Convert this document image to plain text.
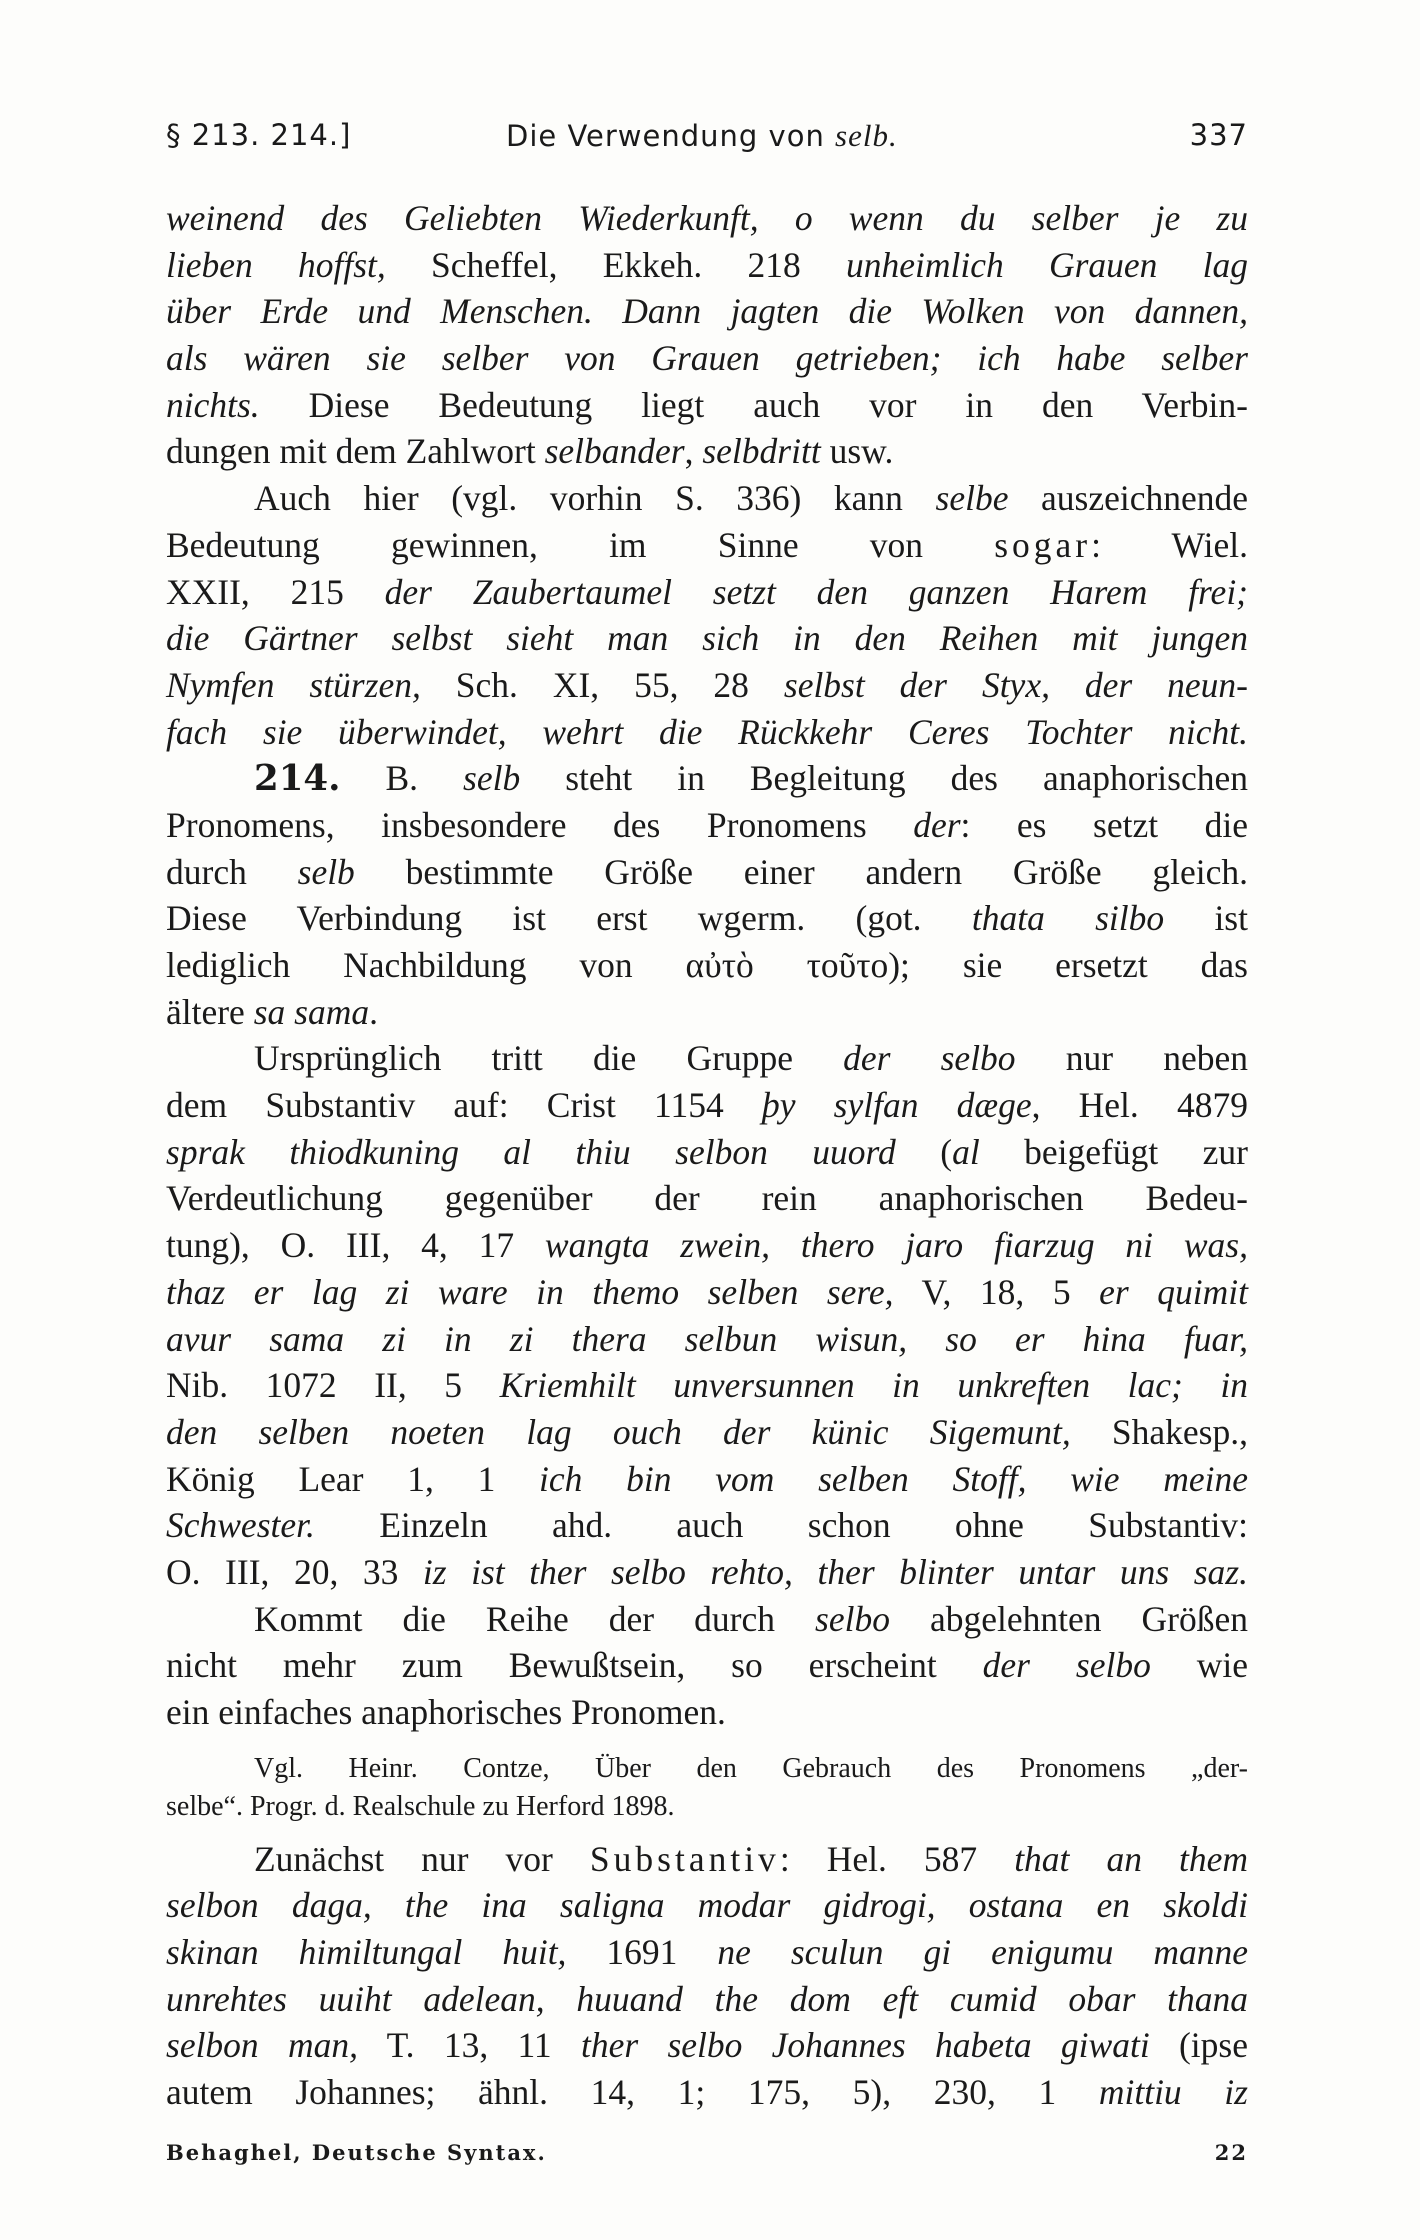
§ 213. 214.]	Die Verwendung von selb.	337
weinend des Geliebten Wiederkunft, o wenn du selber je zu
lieben hoffst, Scheffel, Ekkeh. 218 unheimlich Grauen lag
über Erde und Menschen. Dann jagten die Wolken von dannen,
als wären sie selber von Grauen getrieben; ich habe selber
nichts. Diese Bedeutung liegt auch vor in den Verbin-
dungen mit dem Zahlwort selbander, selbdritt usw.
Auch hier (vgl. vorhin S. 336) kann selbe auszeichnende
Bedeutung gewinnen, im Sinne von sogar: Wiel.
XXII, 215 der Zaubertaumel setzt den ganzen Harem frei;
die Gärtner selbst sieht man sich in den Reihen mit jungen
Nymfen stürzen, Sch. XI, 55, 28 selbst der Styx, der neun-
fach sie überwindet, wehrt die Rückkehr Ceres Tochter nicht.
214. B. selb steht in Begleitung des anaphorischen
Pronomens, insbesondere des Pronomens der: es setzt die
durch selb bestimmte Größe einer andern Größe gleich.
Diese Verbindung ist erst wgerm. (got. thata silbo ist
lediglich Nachbildung von αὐτὸ τοῦτο); sie ersetzt das
ältere sa sama.
Ursprünglich tritt die Gruppe der selbo nur neben
dem Substantiv auf: Crist 1154 þy sylfan dæge, Hel. 4879
sprak thiodkuning al thiu selbon uuord (al beigefügt zur
Verdeutlichung gegenüber der rein anaphorischen Bedeu-
tung), O. III, 4, 17 wangta zwein, thero jaro fiarzug ni was,
thaz er lag zi ware in themo selben sere, V, 18, 5 er quimit
avur sama zi in zi thera selbun wisun, so er hina fuar,
Nib. 1072 II, 5 Kriemhilt unversunnen in unkreften lac; in
den selben noeten lag ouch der künic Sigemunt, Shakesp.,
König Lear 1, 1 ich bin vom selben Stoff, wie meine
Schwester. Einzeln ahd. auch schon ohne Substantiv:
O. III, 20, 33 iz ist ther selbo rehto, ther blinter untar uns saz.
Kommt die Reihe der durch selbo abgelehnten Größen
nicht mehr zum Bewußtsein, so erscheint der selbo wie
ein einfaches anaphorisches Pronomen.
Vgl. Heinr. Contze, Über den Gebrauch des Pronomens „der-
selbe“. Progr. d. Realschule zu Herford 1898.
Zunächst nur vor Substantiv: Hel. 587 that an them
selbon daga, the ina saligna modar gidrogi, ostana en skoldi
skinan himiltungal huit, 1691 ne sculun gi enigumu manne
unrehtes uuiht adelean, huuand the dom eft cumid obar thana
selbon man, T. 13, 11 ther selbo Johannes habeta giwati (ipse
autem Johannes; ähnl. 14, 1; 175, 5), 230, 1 mittiu iz
Behaghel, Deutsche Syntax.	22
